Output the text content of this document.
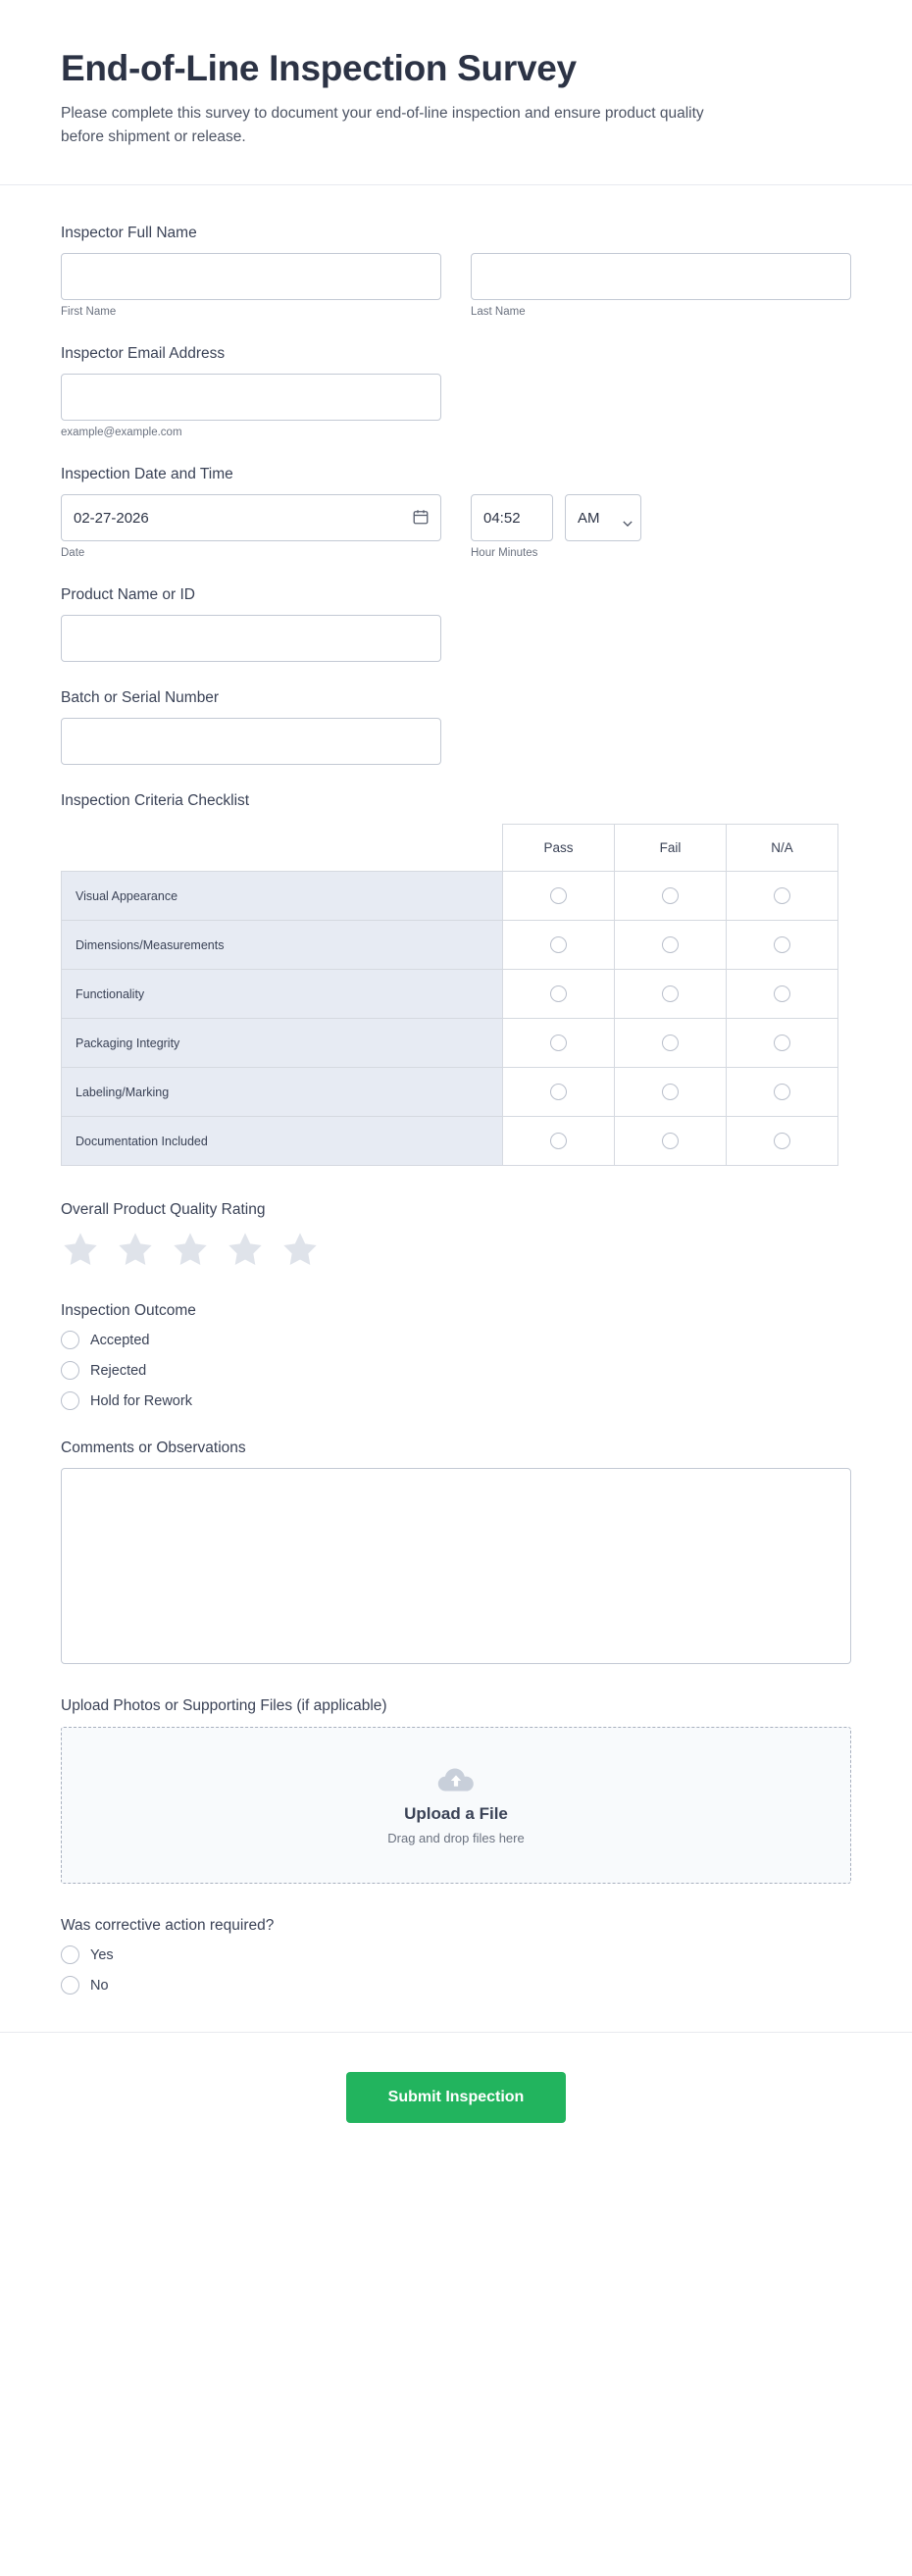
End-of-Line Inspection Survey

Please complete this survey to document your end-of-line inspection and ensure product quality before shipment or release.

Inspector Full Name
First Name	Last Name
Inspector Email Address
example@example.com
Inspection Date and Time
02-27-2026
Date
04:52
AM	Hour Minutes
Product Name or ID
Batch or Serial Number
Inspection Criteria Checklist
	Pass	Fail	N/A
Visual Appearance			
Dimensions/Measurements			
Functionality			
Packaging Integrity			
Labeling/Marking			
Documentation Included			
Overall Product Quality Rating
Inspection Outcome
Accepted
Rejected
Hold for Rework
Comments or Observations
Upload Photos or Supporting Files (if applicable)
Upload a File
Drag and drop files here
Was corrective action required?
Yes
No
Submit Inspection
